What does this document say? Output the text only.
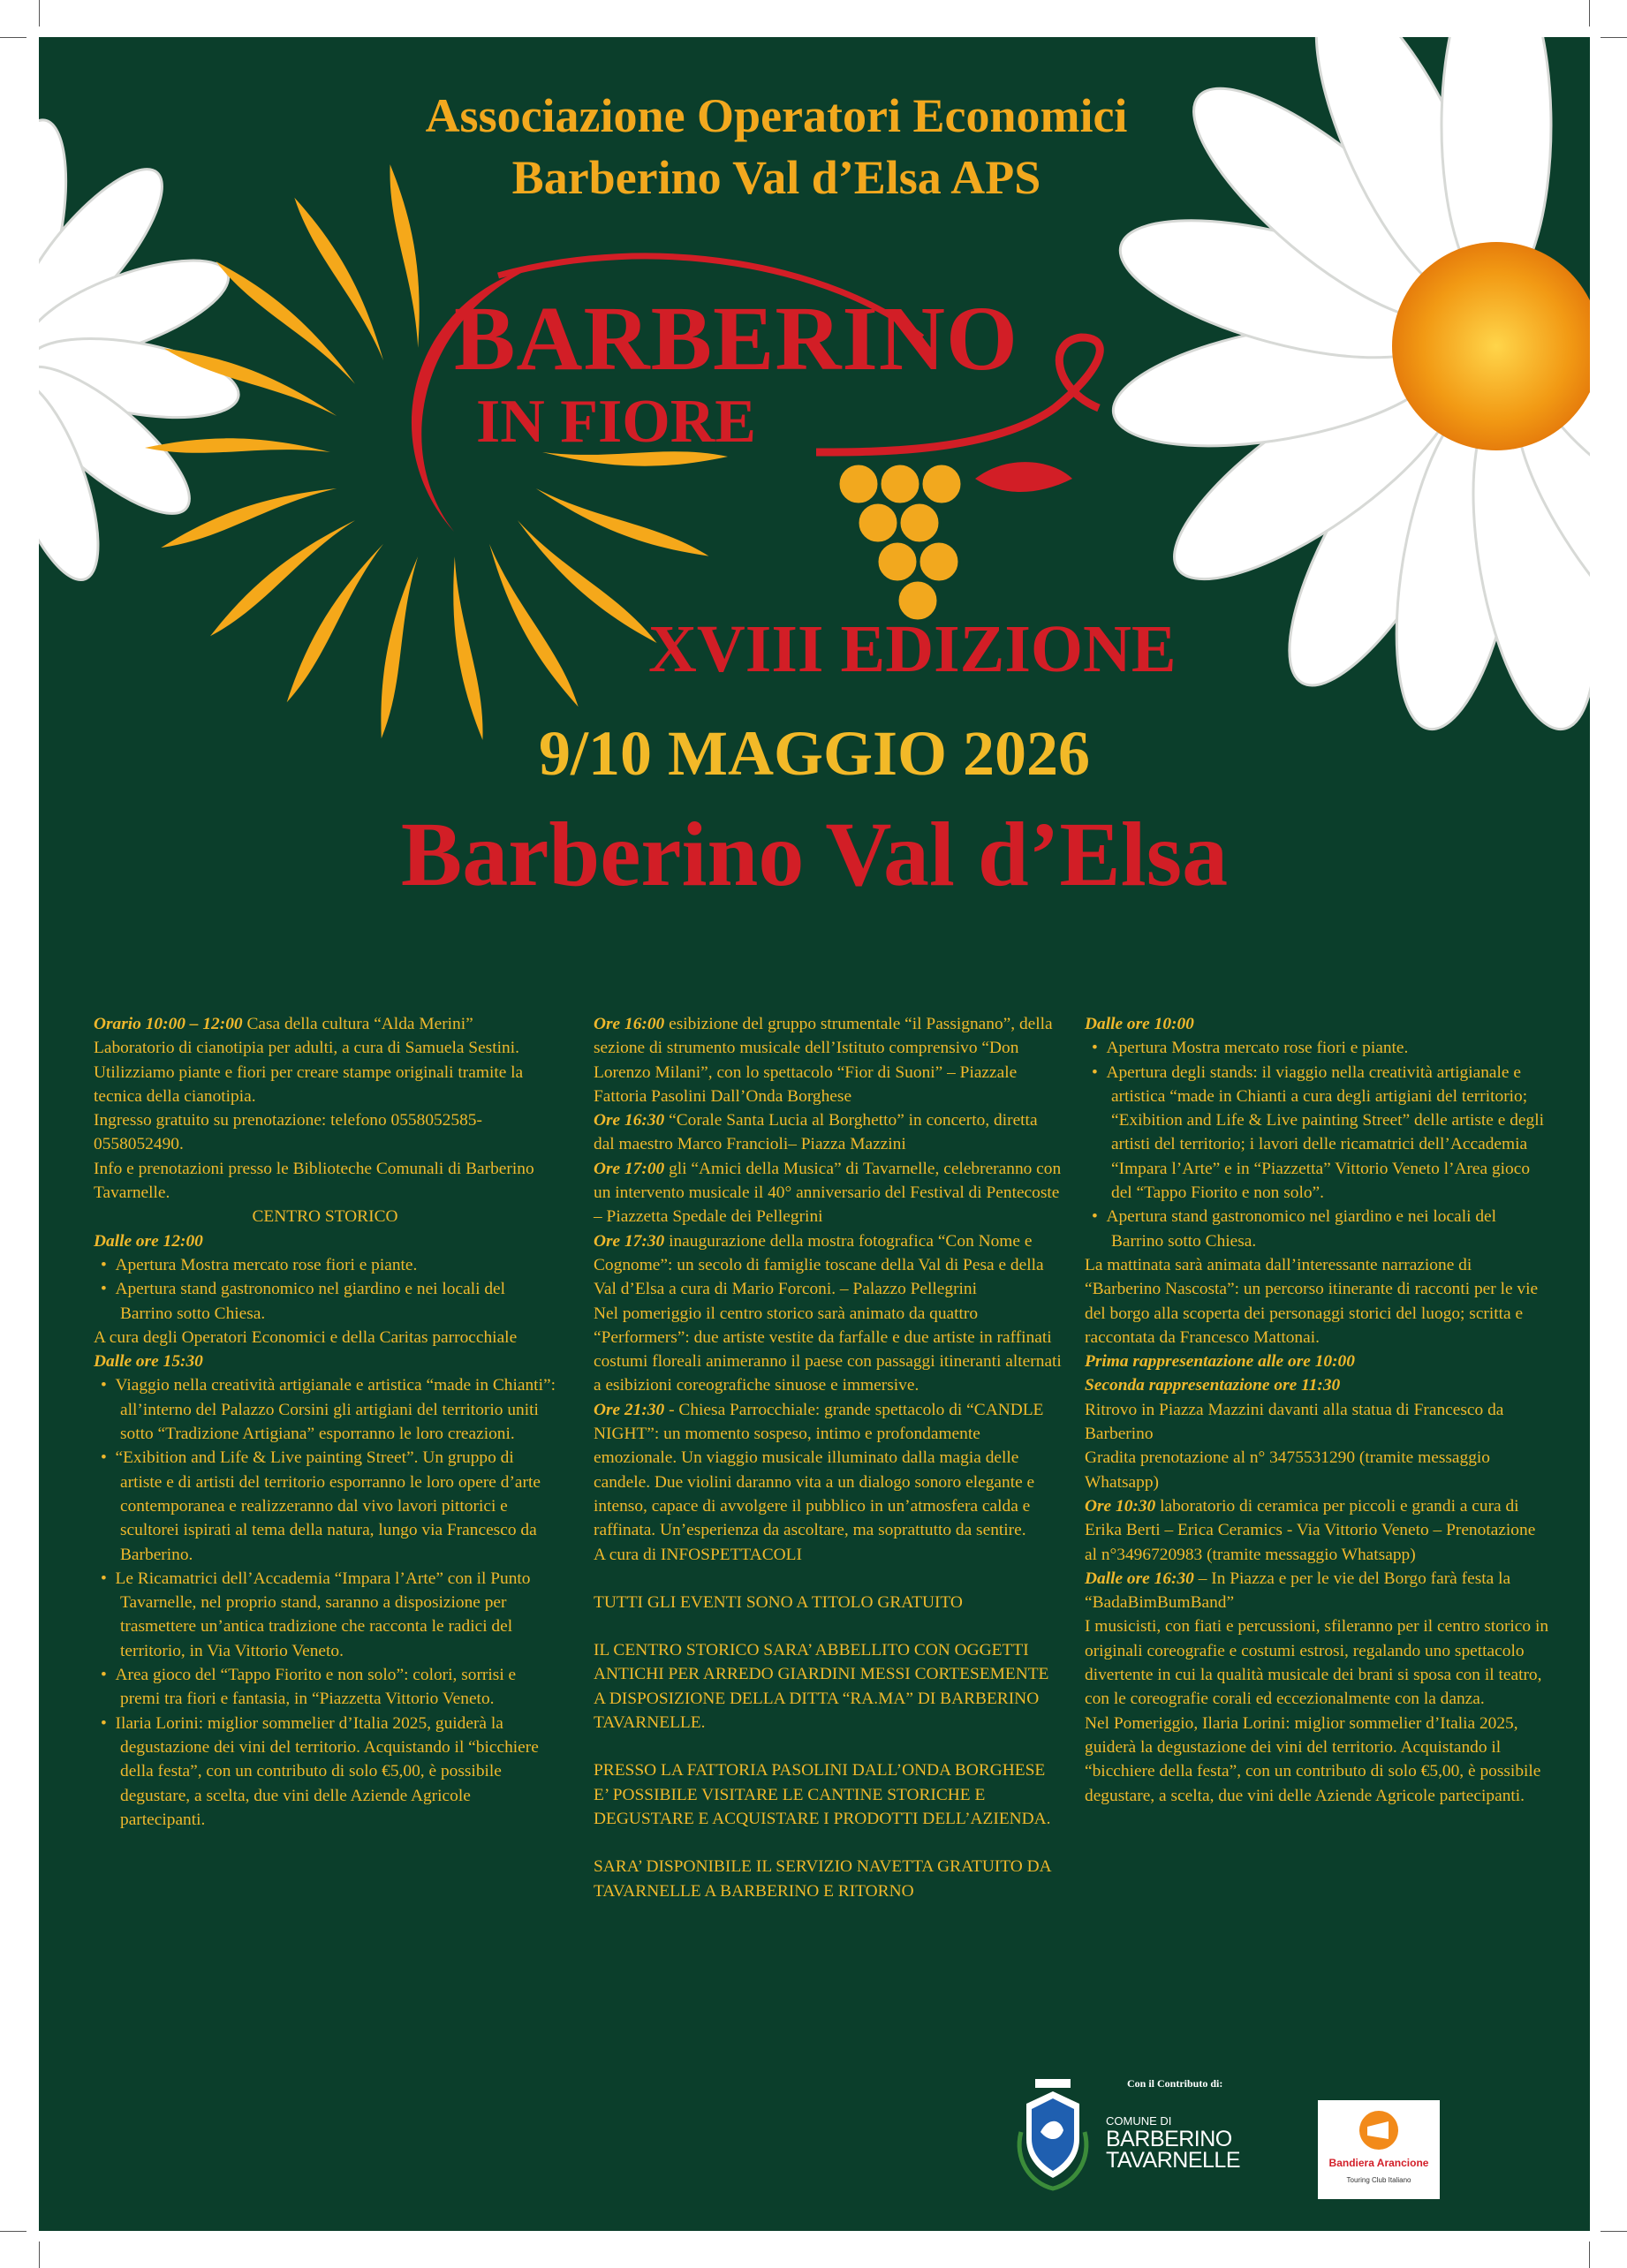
Associazione Operatori Economici
Barberino Val d’Elsa APS
BARBERINO
IN FIORE
XVIII EDIZIONE
9/10 MAGGIO 2026
Barberino Val d’Elsa

Orario 10:00 – 12:00 Casa della cultura “Alda Merini” Laboratorio di cianotipia per adulti, a cura di Samuela Sestini.

Utilizziamo piante e fiori per creare stampe originali tramite la tecnica della cianotipia.

Ingresso gratuito su prenotazione: telefono 0558052585-0558052490.

Info e prenotazioni presso le Biblioteche Comunali di Barberino Tavarnelle.

CENTRO STORICO

Dalle ore 12:00

•  Apertura Mostra mercato rose fiori e piante.

•  Apertura stand gastronomico nel giardino e nei locali del Barrino sotto Chiesa.

A cura degli Operatori Economici e della Caritas parrocchiale

Dalle ore 15:30

•  Viaggio nella creatività artigianale e artistica “made in Chianti”: all’interno del Palazzo Corsini gli artigiani del territorio uniti sotto “Tradizione Artigiana” esporranno le loro creazioni.

•  “Exibition and Life & Live painting Street”. Un gruppo di artiste e di artisti del territorio esporranno le loro opere d’arte contemporanea e realizzeranno dal vivo lavori pittorici e scultorei ispirati al tema della natura, lungo via Francesco da Barberino.

•  Le Ricamatrici dell’Accademia “Impara l’Arte” con il Punto Tavarnelle, nel proprio stand, saranno a disposizione per trasmettere un’antica tradizione che racconta le radici del territorio, in Via Vittorio Veneto.

•  Area gioco del “Tappo Fiorito e non solo”: colori, sorrisi e premi tra fiori e fantasia, in “Piazzetta Vittorio Veneto.

•  Ilaria Lorini: miglior sommelier d’Italia 2025, guiderà la degustazione dei vini del territorio. Acquistando il “bicchiere della festa”, con un contributo di solo €5,00, è possibile degustare, a scelta, due vini delle Aziende Agricole partecipanti.

Ore 16:00 esibizione del gruppo strumentale “il Passignano”, della sezione di strumento musicale dell’Istituto comprensivo “Don Lorenzo Milani”, con lo spettacolo “Fior di Suoni” – Piazzale Fattoria Pasolini Dall’Onda Borghese

Ore 16:30 “Corale Santa Lucia al Borghetto” in concerto, diretta dal maestro Marco Francioli– Piazza Mazzini

Ore 17:00 gli “Amici della Musica” di Tavarnelle, celebreranno con un intervento musicale il 40° anniversario del Festival di Pentecoste – Piazzetta Spedale dei Pellegrini

Ore 17:30 inaugurazione della mostra fotografica “Con Nome e Cognome”: un secolo di famiglie toscane della Val di Pesa e della Val d’Elsa a cura di Mario Forconi. – Palazzo Pellegrini

Nel pomeriggio il centro storico sarà animato da quattro “Performers”: due artiste vestite da farfalle e due artiste in raffinati costumi floreali animeranno il paese con passaggi itineranti alternati a esibizioni coreografiche sinuose e immersive.

Ore 21:30 - Chiesa Parrocchiale: grande spettacolo di “CANDLE NIGHT”: un momento sospeso, intimo e profondamente emozionale. Un viaggio musicale illuminato dalla magia delle candele. Due violini daranno vita a un dialogo sonoro elegante e intenso, capace di avvolgere il pubblico in un’atmosfera calda e raffinata. Un’esperienza da ascoltare, ma soprattutto da sentire.

A cura di INFOSPETTACOLI

TUTTI GLI EVENTI SONO A TITOLO GRATUITO

IL CENTRO STORICO SARA’ ABBELLITO CON OGGETTI ANTICHI PER ARREDO GIARDINI MESSI CORTESEMENTE A DISPOSIZIONE DELLA DITTA “RA.MA” DI BARBERINO TAVARNELLE.

PRESSO LA FATTORIA PASOLINI DALL’ONDA BORGHESE E’ POSSIBILE VISITARE LE CANTINE STORICHE E DEGUSTARE E ACQUISTARE I PRODOTTI DELL’AZIENDA.

SARA’ DISPONIBILE IL SERVIZIO NAVETTA GRATUITO DA TAVARNELLE A BARBERINO E RITORNO

Dalle ore 10:00

•  Apertura Mostra mercato rose fiori e piante.

•  Apertura degli stands: il viaggio nella creatività artigianale e artistica “made in Chianti a cura degli artigiani del territorio; “Exibition and Life & Live painting Street” delle artiste e degli artisti del territorio; i lavori delle ricamatrici dell’Accademia “Impara l’Arte” e in “Piazzetta” Vittorio Veneto l’Area gioco del “Tappo Fiorito e non solo”.

•  Apertura stand gastronomico nel giardino e nei locali del Barrino sotto Chiesa.

La mattinata sarà animata dall’interessante narrazione di “Barberino Nascosta”: un percorso itinerante di racconti per le vie del borgo alla scoperta dei personaggi storici del luogo; scritta e raccontata da Francesco Mattonai.

Prima rappresentazione alle ore 10:00

Seconda rappresentazione ore 11:30

Ritrovo in Piazza Mazzini davanti alla statua di Francesco da Barberino

Gradita prenotazione al n° 3475531290 (tramite messaggio Whatsapp)

Ore 10:30 laboratorio di ceramica per piccoli e grandi a cura di Erika Berti – Erica Ceramics - Via Vittorio Veneto – Prenotazione al n°3496720983 (tramite messaggio Whatsapp)

Dalle ore 16:30 – In Piazza e per le vie del Borgo farà festa la “BadaBimBumBand”

I musicisti, con fiati e percussioni, sfileranno per il centro storico in originali coreografie e costumi estrosi, regalando uno spettacolo divertente in cui la qualità musicale dei brani si sposa con il teatro, con le coreografie corali ed eccezionalmente con la danza.

Nel Pomeriggio, Ilaria Lorini: miglior sommelier d’Italia 2025, guiderà la degustazione dei vini del territorio. Acquistando il “bicchiere della festa”, con un contributo di solo €5,00, è possibile degustare, a scelta, due vini delle Aziende Agricole partecipanti.

Con il Contributo di:
COMUNE DI
BARBERINO
TAVARNELLE	Bandiera Arancione
Touring Club Italiano
